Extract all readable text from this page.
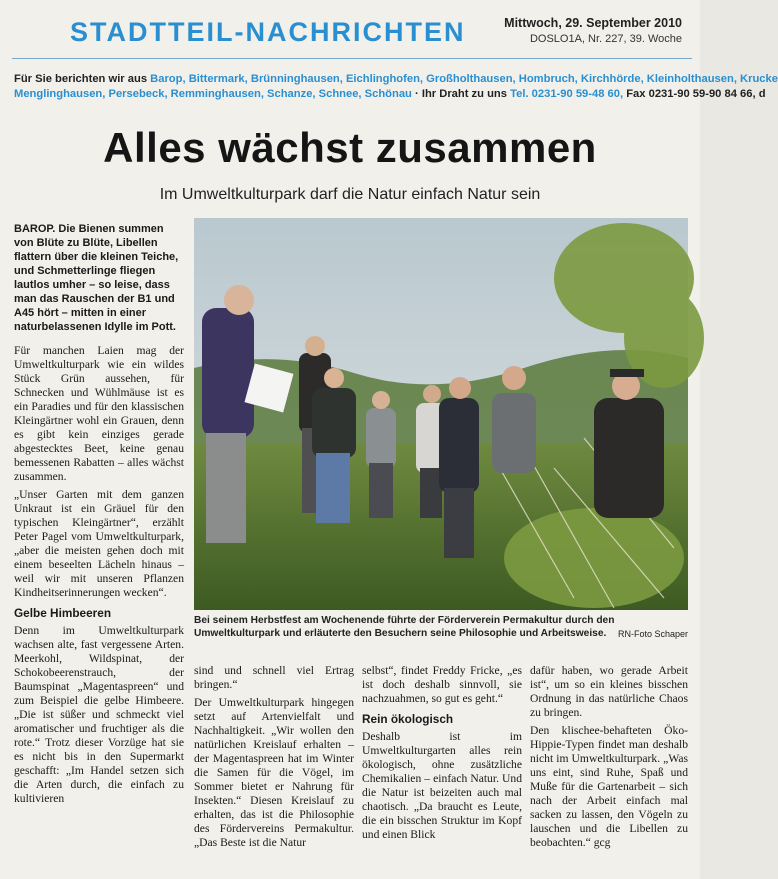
STADTTEIL-NACHRICHTEN	Mittwoch, 29. September 2010
DOSLO1A, Nr. 227, 39. Woche
Für Sie berichten wir aus Barop, Bittermark, Brünninghausen, Eichlinghofen, Großholthausen, Hombruch, Kirchhörde, Kleinholthausen, Krucke
Menglinghausen, Persebeck, Remminghausen, Schanze, Schnee, Schönau · Ihr Draht zu uns Tel. 0231-90 59-48 60, Fax 0231-90 59-90 84 66, d
Alles wächst zusammen
Im Umweltkulturpark darf die Natur einfach Natur sein

BAROP. Die Bienen summen von Blüte zu Blüte, Libellen flattern über die kleinen Teiche, und Schmetterlinge fliegen lautlos umher – so leise, dass man das Rauschen der B1 und A45 hört – mitten in einer naturbelassenen Idylle im Pott.

Für manchen Laien mag der Umweltkulturpark wie ein wildes Stück Grün aussehen, für Schnecken und Wühlmäuse ist es ein Paradies und für den klassischen Kleingärtner wohl ein Grauen, denn es gibt kein einziges gerade abgestecktes Beet, keine genau bemessenen Rabatten – alles wächst zusammen.

„Unser Garten mit dem ganzen Unkraut ist ein Gräuel für den typischen Kleingärtner“, erzählt Peter Pagel vom Umweltkulturpark, „aber die meisten gehen doch mit einem beseelten Lächeln hinaus – weil wir mit unseren Pflanzen Kindheitserinnerungen wecken“.

Gelbe Himbeeren

Denn im Umweltkulturpark wachsen alte, fast vergessene Arten. Meerkohl, Wildspinat, der Schokobeerenstrauch, der Baumspinat „Magentaspreen“ und zum Beispiel die gelbe Himbeere. „Die ist süßer und schmeckt viel aromatischer und fruchtiger als die rote.“ Trotz dieser Vorzüge hat sie es nicht bis in den Supermarkt geschafft: „Im Handel setzen sich die Arten durch, die einfach zu kultivieren

Bei seinem Herbstfest am Wochenende führte der Förderverein Permakultur durch den Umweltkulturpark und erläuterte den Besuchern seine Philosophie und Arbeitsweise. RN-Foto Schaper

sind und schnell viel Ertrag bringen.“

Der Umweltkulturpark hingegen setzt auf Artenvielfalt und Nachhaltigkeit. „Wir wollen den natürlichen Kreislauf erhalten – der Magentaspreen hat im Winter die Samen für die Vögel, im Sommer bietet er Nahrung für Insekten.“ Diesen Kreislauf zu erhalten, das ist die Philosophie des Fördervereins Permakultur. „Das Beste ist die Natur

selbst“, findet Freddy Fricke, „es ist doch deshalb sinnvoll, sie nachzuahmen, so gut es geht.“

Rein ökologisch

Deshalb ist im Umweltkulturgarten alles rein ökologisch, ohne zusätzliche Chemikalien – einfach Natur. Und die Natur ist beizeiten auch mal chaotisch. „Da braucht es Leute, die ein bisschen Struktur im Kopf und einen Blick

dafür haben, wo gerade Arbeit ist“, um so ein kleines bisschen Ordnung in das natürliche Chaos zu bringen.

Den klischee-behafteten Öko-Hippie-Typen findet man deshalb nicht im Umweltkulturpark. „Was uns eint, sind Ruhe, Spaß und Muße für die Gartenarbeit – sich nach der Arbeit einfach mal sacken zu lassen, den Vögeln zu lauschen und die Libellen zu beobachten.“ gcg
